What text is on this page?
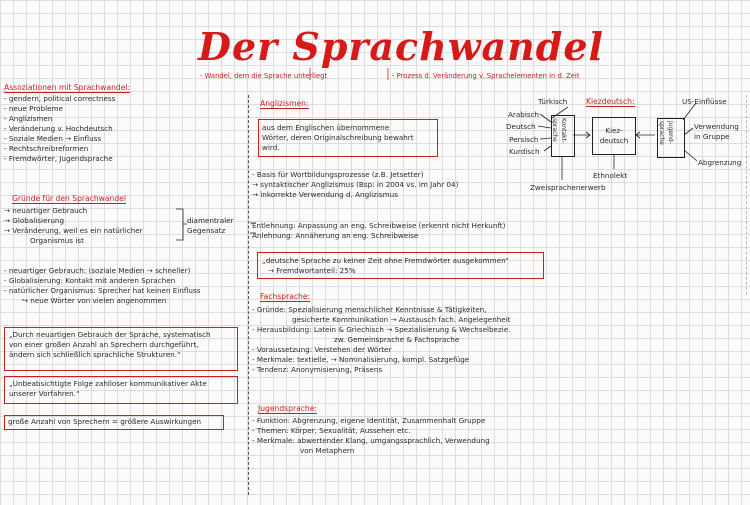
Der Sprachwandel
- Wandel, dem die Sprache unterliegt	- Prozess d. Veränderung v. Sprachelementen in d. Zeit
Assoziationen mit Sprachwandel:
- gendern, political correctness
- neue Probleme
- Anglizismen
- Veränderung v. Hochdeutsch
- Soziale Medien → Einfluss
- Rechtschreibreformen
- Fremdwörter, Jugendsprache
Gründe für den Sprachwandel
→ neuartiger Gebrauch
→ Globalisierung
→ Veränderung, weil es ein natürlicher
Organismus ist
diamentraler
Gegensatz
- neuartiger Gebrauch: (soziale Medien → schneller)
- Globalisierung: Kontakt mit anderen Sprachen
- natürlicher Organismus: Sprecher hat keinen Einfluss
↪ neue Wörter von vielen angenommen
„Durch neuartigen Gebrauch der Sprache, systematisch
von einer großen Anzahl an Sprechern durchgeführt,
ändern sich schließlich sprachliche Strukturen.“
„Unbeabsichtigte Folge zahlloser kommunikativer Akte
unserer Vorfahren.“
große Anzahl von Sprechern = größere Auswirkungen
Anglizismen:
aus dem Englischen übernommene
Wörter, deren Originalschreibung bewahrt
wird.
- Basis für Wortbildungsprozesse (z.B. Jetsetter)
→ syntaktischer Anglizismus (Bsp: in 2004 vs. im Jahr 04)
→ inkorrekte Verwendung d. Anglizismus
Entlehnung: Anpassung an eng. Schreibweise (erkennt nicht Herkunft)
Anlehnung: Annäherung an eng. Schreibweise
„deutsche Sprache zu keiner Zeit ohne Fremdwörter ausgekommen“
→ Fremdwortanteil: 25%
Fachsprache:
- Gründe: Spezialisierung menschlicher Kenntnisse & Tätigkeiten,
gesicherte Kommunikation → Austausch fach. Angelegenheit
- Herausbildung: Latein & Griechisch → Spezialisierung & Wechselbezie.
zw. Gemeinsprache & Fachsprache
- Voraussetzung: Verstehen der Wörter
- Merkmale: textielle, → Nominalisierung, kompl. Satzgefüge
- Tendenz: Anonymisierung, Präsens
Jugendsprache:
- Funktion: Abgrenzung, eigene Identität, Zusammenhalt Gruppe
- Themen: Körper, Sexualität, Aussehen etc.
- Merkmale: abwertender Klang, umgangssprachlich, Verwendung
von Metaphern
Türkisch
Arabisch
Deutsch
Persisch
Kurdisch
Kontakt-sprache
Kiezdeutsch:
Kiez-deutsch	Jugend-sprache
US-Einflüsse
Verwendung
in Gruppe
Abgrenzung
Ethnolekt
Zweisprachenerwerb
